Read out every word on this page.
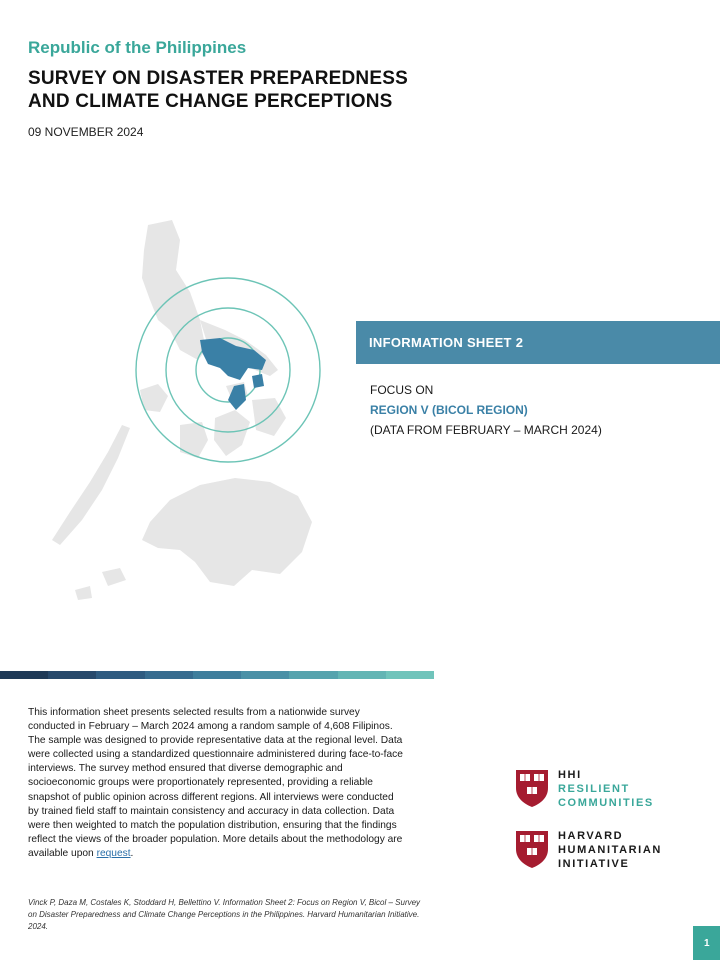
Republic of the Philippines
SURVEY ON DISASTER PREPAREDNESS
AND CLIMATE CHANGE PERCEPTIONS
09 NOVEMBER 2024
INFORMATION SHEET 2
FOCUS ON
REGION V (BICOL REGION)
(DATA FROM FEBRUARY – MARCH 2024)
This information sheet presents selected results from a nationwide survey conducted in February – March 2024 among a random sample of 4,608 Filipinos. The sample was designed to provide representative data at the regional level. Data were collected using a standardized questionnaire administered during face-to-face interviews. The survey method ensured that diverse demographic and socioeconomic groups were proportionately represented, providing a reliable snapshot of public opinion across different regions. All interviews were conducted by trained field staff to maintain consistency and accuracy in data collection. Data were then weighted to match the population distribution, ensuring that the findings reflect the views of the broader population. More details about the methodology are available upon request.
Vinck P, Daza M, Costales K, Stoddard H, Bellettino V. Information Sheet 2: Focus on Region V, Bicol – Survey on Disaster Preparedness and Climate Change Perceptions in the Philippines. Harvard Humanitarian Initiative. 2024.
HHI
RESILIENT
COMMUNITIES
HARVARD
HUMANITARIAN
INITIATIVE
1
